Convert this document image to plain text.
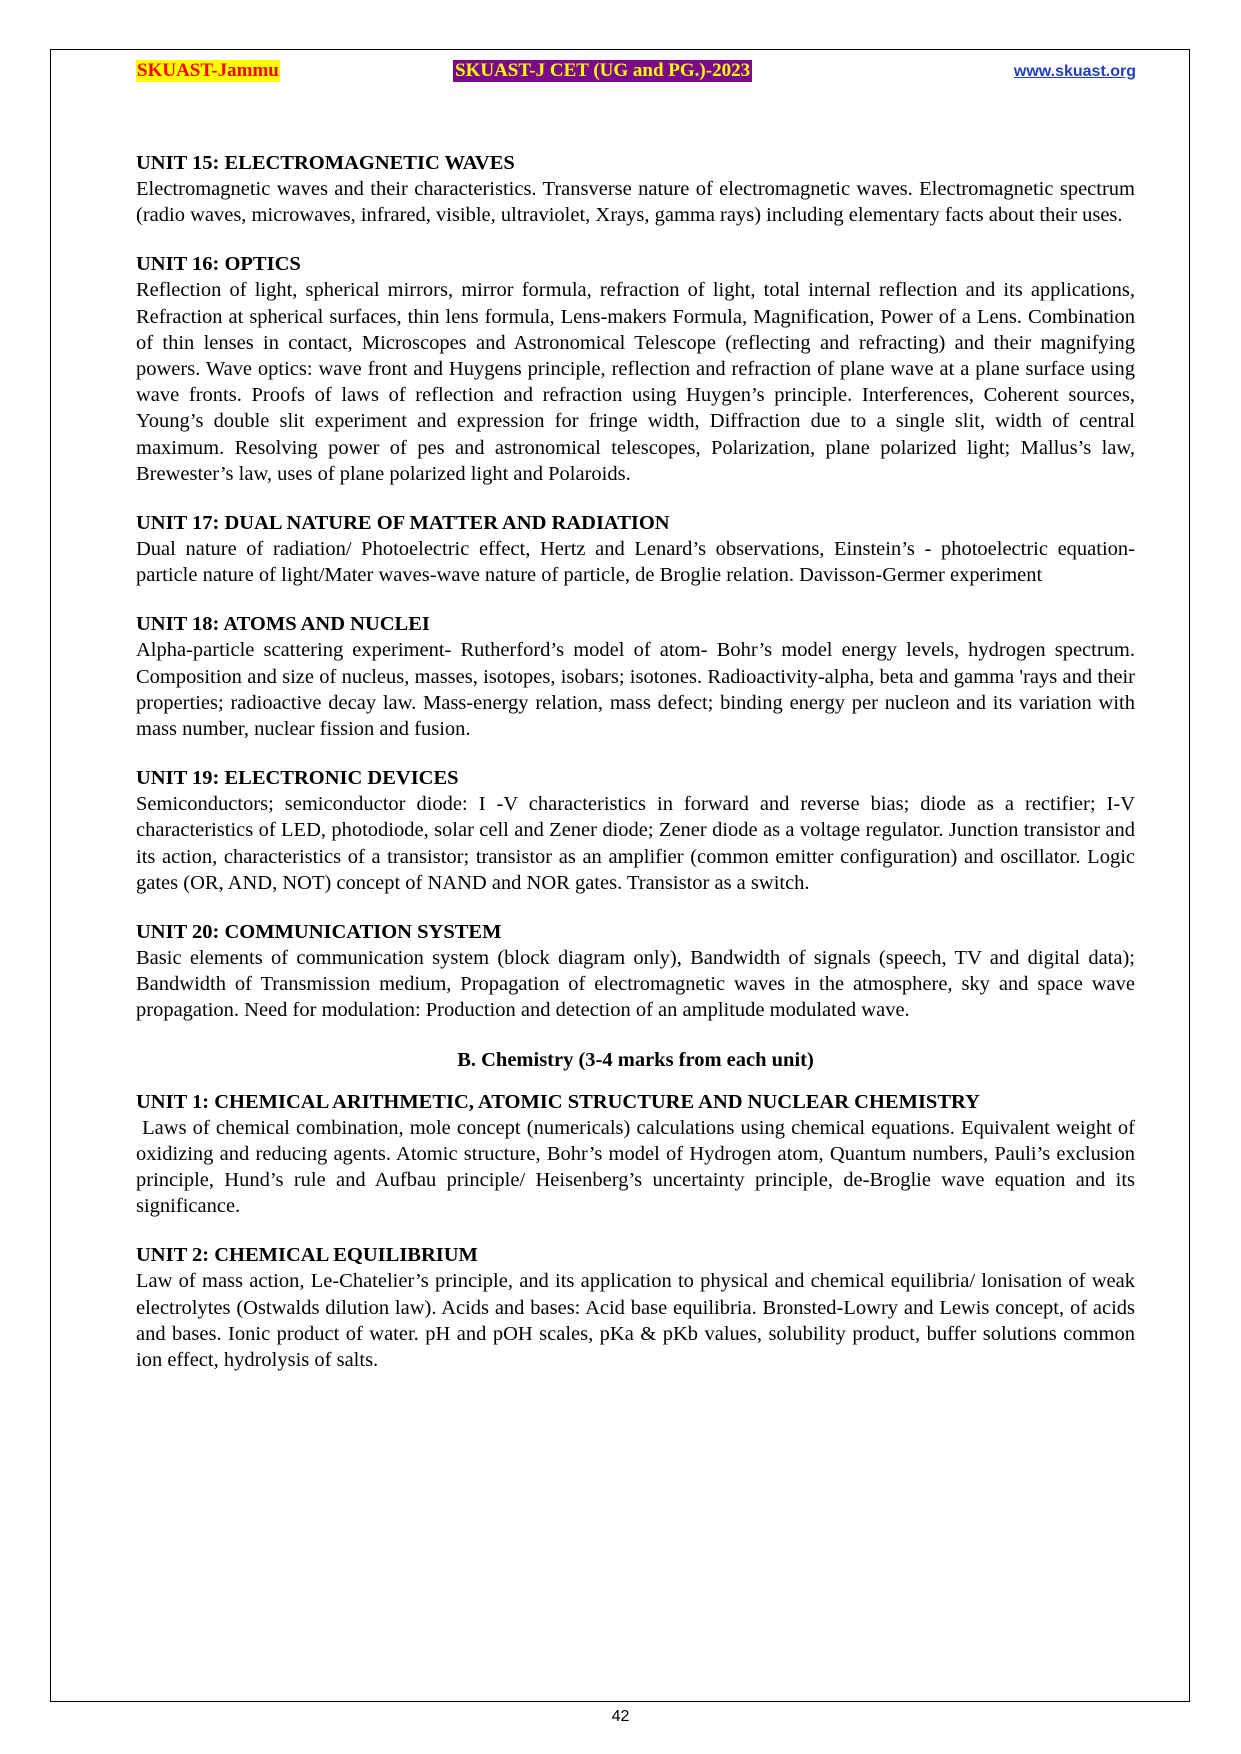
SKUAST-Jammu	SKUAST-J CET (UG and PG.)-2023	www.skuast.org

UNIT 15: ELECTROMAGNETIC WAVES

Electromagnetic waves and their characteristics. Transverse nature of electromagnetic waves. Electromagnetic spectrum (radio waves, microwaves, infrared, visible, ultraviolet, Xrays, gamma rays) including elementary facts about their uses.

UNIT 16: OPTICS

Reflection of light, spherical mirrors, mirror formula, refraction of light, total internal reflection and its applications, Refraction at spherical surfaces, thin lens formula, Lens-makers Formula, Magnification, Power of a Lens. Combination of thin lenses in contact, Microscopes and Astronomical Telescope (reflecting and refracting) and their magnifying powers. Wave optics: wave front and Huygens principle, reflection and refraction of plane wave at a plane surface using wave fronts. Proofs of laws of reflection and refraction using Huygen’s principle. Interferences, Coherent sources, Young’s double slit experiment and expression for fringe width, Diffraction due to a single slit, width of central maximum. Resolving power of pes and astronomical telescopes, Polarization, plane polarized light; Mallus’s law, Brewester’s law, uses of plane polarized light and Polaroids.

UNIT 17: DUAL NATURE OF MATTER AND RADIATION

Dual nature of radiation/ Photoelectric effect, Hertz and Lenard’s observations, Einstein’s - photoelectric equation- particle nature of light/Mater waves-wave nature of particle, de Broglie relation. Davisson-Germer experiment

UNIT 18: ATOMS AND NUCLEI

Alpha-particle scattering experiment- Rutherford’s model of atom- Bohr’s model energy levels, hydrogen spectrum. Composition and size of nucleus, masses, isotopes, isobars; isotones. Radioactivity-alpha, beta and gamma 'rays and their properties; radioactive decay law. Mass-energy relation, mass defect; binding energy per nucleon and its variation with mass number, nuclear fission and fusion.

UNIT 19: ELECTRONIC DEVICES

Semiconductors; semiconductor diode: I -V characteristics in forward and reverse bias; diode as a rectifier; I-V characteristics of LED, photodiode, solar cell and Zener diode; Zener diode as a voltage regulator. Junction transistor and its action, characteristics of a transistor; transistor as an amplifier (common emitter configuration) and oscillator. Logic gates (OR, AND, NOT) concept of NAND and NOR gates. Transistor as a switch.

UNIT 20: COMMUNICATION SYSTEM

Basic elements of communication system (block diagram only), Bandwidth of signals (speech, TV and digital data); Bandwidth of Transmission medium, Propagation of electromagnetic waves in the atmosphere, sky and space wave propagation. Need for modulation: Production and detection of an amplitude modulated wave.

B. Chemistry (3-4 marks from each unit)

UNIT 1: CHEMICAL ARITHMETIC, ATOMIC STRUCTURE AND NUCLEAR CHEMISTRY

Laws of chemical combination, mole concept (numericals) calculations using chemical equations. Equivalent weight of oxidizing and reducing agents. Atomic structure, Bohr’s model of Hydrogen atom, Quantum numbers, Pauli’s exclusion principle, Hund’s rule and Aufbau principle/ Heisenberg’s uncertainty principle, de-Broglie wave equation and its significance.

UNIT 2: CHEMICAL EQUILIBRIUM

Law of mass action, Le-Chatelier’s principle, and its application to physical and chemical equilibria/ lonisation of weak electrolytes (Ostwalds dilution law). Acids and bases: Acid base equilibria. Bronsted-Lowry and Lewis concept, of acids and bases. Ionic product of water. pH and pOH scales, pKa & pKb values, solubility product, buffer solutions common ion effect, hydrolysis of salts.

42
